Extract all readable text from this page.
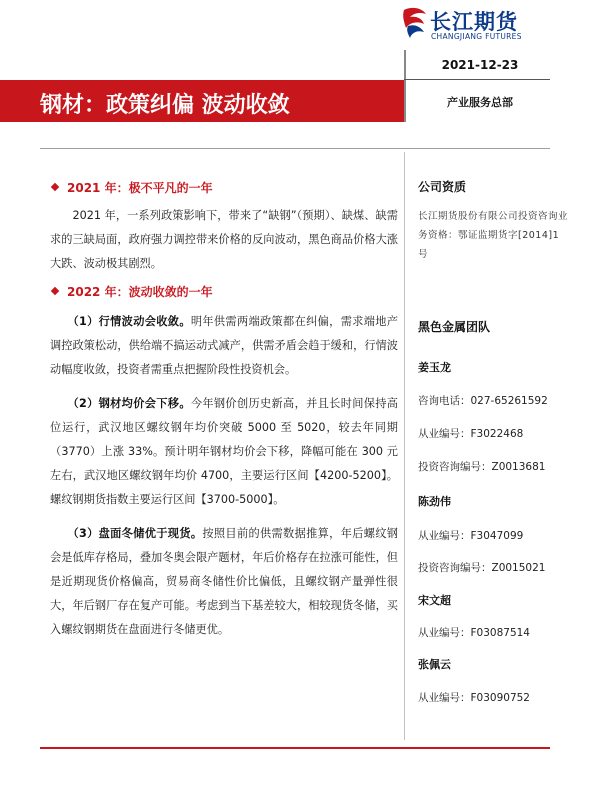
长江期货
CHANGJIANG FUTURES
2021-12-23
钢材：政策纠偏 波动收敛	产业服务总部
2021 年：极不平凡的一年

　　2021 年，一系列政策影响下，带来了“缺钢”（预期）、缺煤、缺需求的三缺局面，政府强力调控带来价格的反向波动，黑色商品价格大涨大跌、波动极其剧烈。

2022 年：波动收敛的一年

　　（1）行情波动会收敛。明年供需两端政策都在纠偏，需求端地产调控政策松动，供给端不搞运动式减产，供需矛盾会趋于缓和，行情波动幅度收敛，投资者需重点把握阶段性投资机会。

　　（2）钢材均价会下移。今年钢价创历史新高，并且长时间保持高位运行，武汉地区螺纹钢年均价突破 5000 至 5020，较去年同期（3770）上涨 33%。预计明年钢材均价会下移，降幅可能在 300 元左右，武汉地区螺纹钢年均价 4700，主要运行区间【4200-5200】。螺纹钢期货指数主要运行区间【3700-5000】。

　　（3）盘面冬储优于现货。按照目前的供需数据推算，年后螺纹钢会是低库存格局，叠加冬奥会限产题材，年后价格存在拉涨可能性，但是近期现货价格偏高，贸易商冬储性价比偏低，且螺纹钢产量弹性很大，年后钢厂存在复产可能。考虑到当下基差较大，相较现货冬储，买入螺纹钢期货在盘面进行冬储更优。

公司资质
长江期货股份有限公司投资咨询业务资格：鄂证监期货字[2014]1号
黑色金属团队
姜玉龙
咨询电话：027-65261592
从业编号：F3022468
投资咨询编号：Z0013681
陈劲伟
从业编号：F3047099
投资咨询编号：Z0015021
宋文超
从业编号：F03087514
张佩云
从业编号：F03090752
